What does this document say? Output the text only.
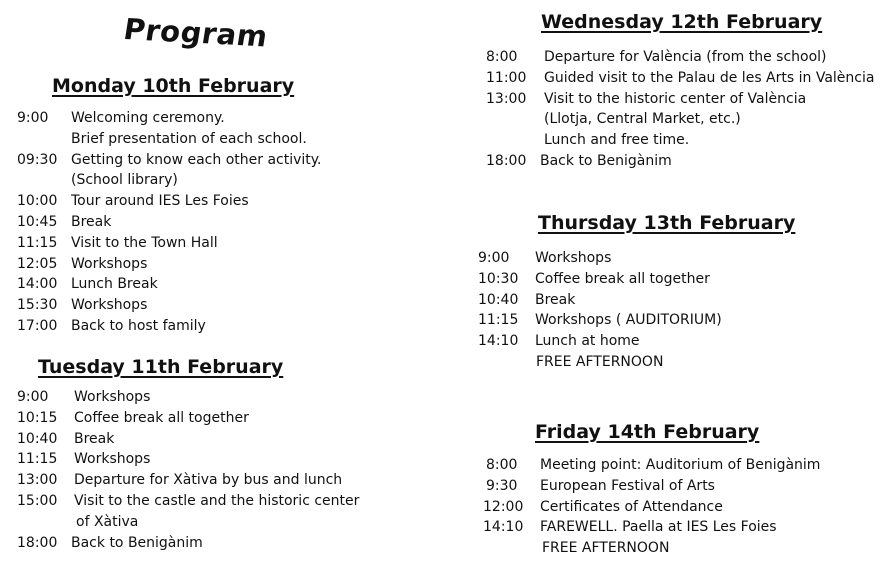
Program
Monday 10th February
9:00	Welcoming ceremony.
Brief presentation of each school.
09:30 Getting to know each other activity.
(School library)
10:00 Tour around IES Les Foies
10:45 Break
11:15 Visit to the Town Hall
12:05 Workshops
14:00 Lunch Break
15:30 Workshops
17:00 Back to host family
Tuesday 11th February
9:00	Workshops
10:15	Coffee break all together
10:40	Break
11:15	Workshops
13:00	Departure for Xàtiva by bus and lunch
15:00	Visit to the castle and the historic center
of Xàtiva
18:00 Back to Benigànim
Wednesday 12th February
8:00	Departure for València (from the school)
11:00	Guided visit to the Palau de les Arts in València
13:00	Visit to the historic center of València
(Llotja, Central Market, etc.)
Lunch and free time.
18:00 Back to Benigànim
Thursday 13th February
9:00	Workshops
10:30	Coffee break all together
10:40	Break
11:15	Workshops ( AUDITORIUM)
14:10	Lunch at home
FREE AFTERNOON
Friday 14th February
8:00	Meeting point: Auditorium of Benigànim
9:30	European Festival of Arts
12:00	Certificates of Attendance
14:10	FAREWELL. Paella at IES Les Foies
FREE AFTERNOON
